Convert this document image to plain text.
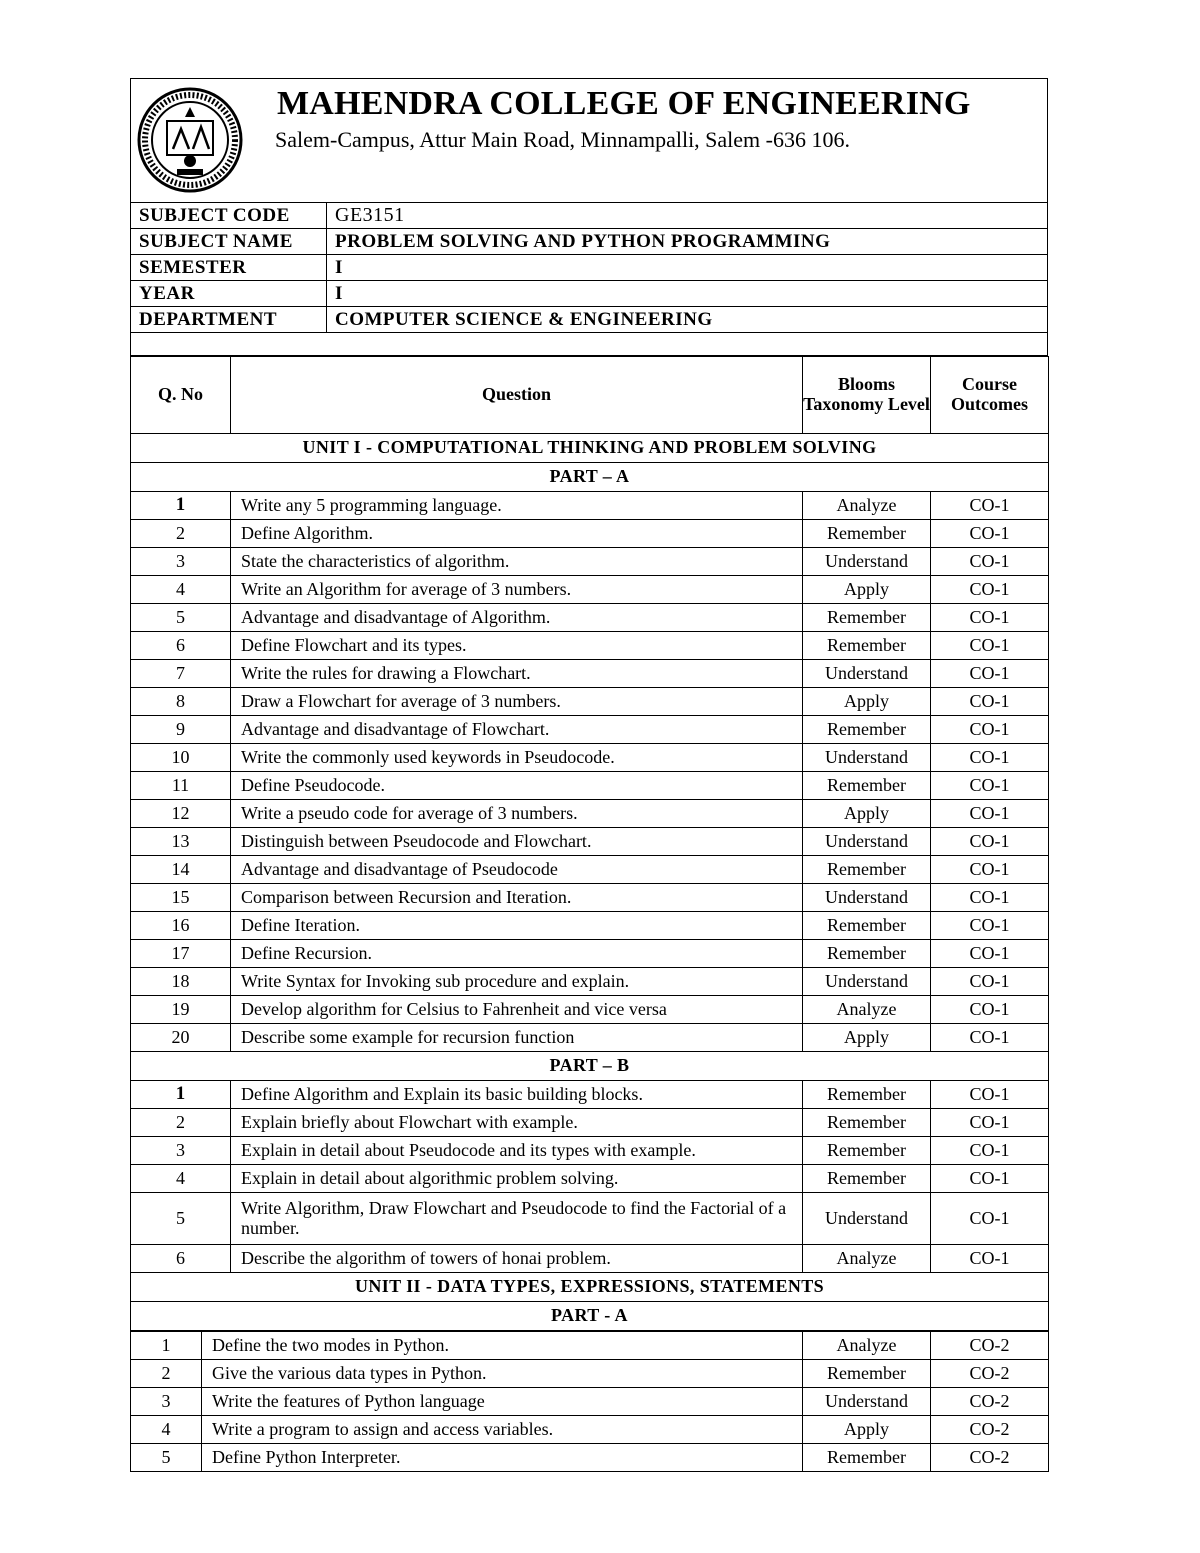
MAHENDRA COLLEGE OF ENGINEERING
Salem-Campus, Attur Main Road, Minnampalli, Salem -636 106.
SUBJECT CODE	GE3151
SUBJECT NAME	PROBLEM SOLVING AND PYTHON PROGRAMMING
SEMESTER	I
YEAR	I
DEPARTMENT	COMPUTER SCIENCE & ENGINEERING

Q. No	Question	Blooms Taxonomy Level	Course Outcomes
UNIT I - COMPUTATIONAL THINKING AND PROBLEM SOLVING			
PART – A			
1	Write any 5 programming language.	Analyze	CO-1
2	Define Algorithm.	Remember	CO-1
3	State the characteristics of algorithm.	Understand	CO-1
4	Write an Algorithm for average of 3 numbers.	Apply	CO-1
5	Advantage and disadvantage of Algorithm.	Remember	CO-1
6	Define Flowchart and its types.	Remember	CO-1
7	Write the rules for drawing a Flowchart.	Understand	CO-1
8	Draw a Flowchart for average of 3 numbers.	Apply	CO-1
9	Advantage and disadvantage of Flowchart.	Remember	CO-1
10	Write the commonly used keywords in Pseudocode.	Understand	CO-1
11	Define Pseudocode.	Remember	CO-1
12	Write a pseudo code for average of 3 numbers.	Apply	CO-1
13	Distinguish between Pseudocode and Flowchart.	Understand	CO-1
14	Advantage and disadvantage of Pseudocode	Remember	CO-1
15	Comparison between Recursion and Iteration.	Understand	CO-1
16	Define Iteration.	Remember	CO-1
17	Define Recursion.	Remember	CO-1
18	Write Syntax for Invoking sub procedure and explain.	Understand	CO-1
19	Develop algorithm for Celsius to Fahrenheit and vice versa	Analyze	CO-1
20	Describe some example for recursion function	Apply	CO-1
PART – B			
1	Define Algorithm and Explain its basic building blocks.	Remember	CO-1
2	Explain briefly about Flowchart with example.	Remember	CO-1
3	Explain in detail about Pseudocode and its types with example.	Remember	CO-1
4	Explain in detail about algorithmic problem solving.	Remember	CO-1
5	Write Algorithm, Draw Flowchart and Pseudocode to find the Factorial of a number.	Understand	CO-1
6	Describe the algorithm of towers of honai problem.	Analyze	CO-1
UNIT II - DATA TYPES, EXPRESSIONS, STATEMENTS			
PART - A			
1	Define the two modes in Python.	Analyze	CO-2
2	Give the various data types in Python.	Remember	CO-2
3	Write the features of Python language	Understand	CO-2
4	Write a program to assign and access variables.	Apply	CO-2
5	Define Python Interpreter.	Remember	CO-2
